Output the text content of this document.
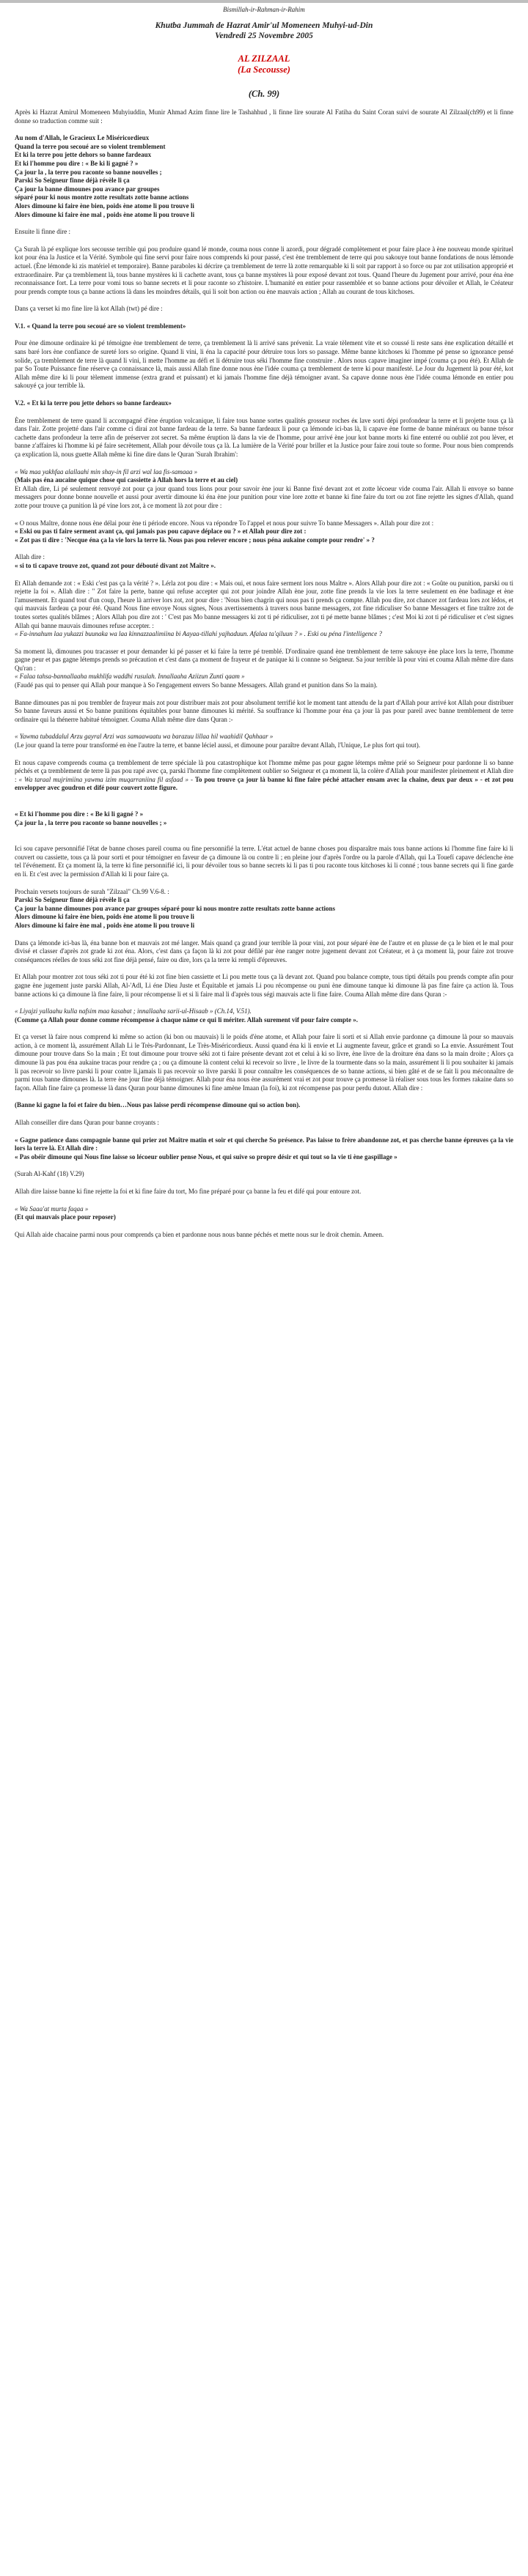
Bismillah-ir-Rahman-ir-Rahim
Khutba Jummah de Hazrat Amir'ul Momeneen Muhyi-ud-Din
Vendredi 25 Novembre 2005
AL ZILZAAL
(La Secousse)
(Ch. 99)

Après ki Hazrat Amirul Momeneen Muhyiuddin, Munir Ahmad Azim finne lire le Tashahhud , li finne lire sourate Al Fatiha du Saint Coran suivi de sourate Al Zilzaal(ch99) et li finne donne so traduction comme suit :

Au nom d'Allah, le Gracieux Le Miséricordieux

Quand la terre pou secoué are so violent tremblement

Et ki la terre pou jette dehors so banne fardeaux

Et ki l'homme pou dire : « Be ki li gagné ? »

Ça jour la , la terre pou raconte so banne nouvelles ;

Parski So Seigneur finne déjà révèle li ça

Ça jour la banne dimounes pou avance par groupes

séparé pour ki nous montre zotte resultats zotte banne actions

Alors dimoune ki faire ène bien, poids ène atome li pou trouve li

Alors dimoune ki faire ène mal , poids ène atome li pou trouve li

Ensuite li finne dire :

Ça Surah là pé explique lors secousse terrible qui pou produire quand lé monde, couma nous conne li azordi, pour dégradé complètement et pour faire place à ène nouveau monde spirituel kot pour éna la Justice et la Vérité. Symbole qui fine servi pour faire nous comprends ki pour passé, c'est ène tremblement de terre qui pou sakouye tout banne fondations de nous lémonde actuel. (Ène lémonde ki zis matériel et temporaire). Banne paraboles ki décrire ça tremblement de terre là zotte remarquable ki li soit par rapport à so force ou par zot utilisation approprié et extraordinaire. Par ça tremblement là, tous banne mystères ki li cachette avant, tous ça banne mystères là pour exposé devant zot tous. Quand l'heure du Jugement pour arrivé, pour éna ène reconnaissance fort. La terre pour vomi tous so banne secrets et li pour raconte so z'histoire. L'humanité en entier pour rassemblée et so banne actions pour dévoiler et Allah, le Créateur pour prends compte tous ça banne actions là dans les moindres détails, qui li soit bon action ou ène mauvais action ; Allah au courant de tous kitchoses.

Dans ça verset ki mo fine lire là kot Allah (twt) pé dire :

V.1. « Quand la terre pou secoué are so violent tremblement»

Pour ène dimoune ordinaire ki pé témoigne ène tremblement de terre, ça tremblement là li arrivé sans prévenir. La vraie tèlement vite et so coussé li reste sans ène explication détaillé et sans baré lors ène confiance de sureté lors so origine. Quand li vini, li éna la capacité pour détruire tous lors so passage. Même banne kitchoses ki l'homme pé pense so ignorance pensé solide, ça tremblement de terre là quand li vini, li mette l'homme au défi et li détruire tous séki l'homme fine construire . Alors nous capave imaginer impé (couma ça pou été). Et Allah de par So Toute Puissance fine réserve ça connaissance là, mais aussi Allah fine donne nous ène l'idée couma ça tremblement de terre ki pour manifesté. Le Jour du Jugement là pour été, kot Allah même dire ki li pour tèlement immense (extra grand et puissant) et ki jamais l'homme fine déjà témoigner avant. Sa capave donne nous ène l'idée couma lémonde en entier pou sakouyé ça jour terrible là.

V.2. « Et ki la terre pou jette dehors so banne fardeaux»

Ène tremblement de terre quand li accompagné d'ène éruption volcanique, li faire tous banne sortes qualités grosseur roches éк lave sorti dépi profondeur la terre et li projette tous ça là dans l'air. Zotte projetté dans l'air comme ci dirai zot banne fardeau de la terre. Sa banne fardeaux li pour ça lémonde ici-bas là, li capave ène forme de banne minéraux ou banne trésor cachette dans profondeur la terre afin de préserver zot secret. Sa même éruption là dans la vie de l'homme, pour arrivé ène jour kot banne morts ki fine enterré ou oublié zot pou lèver, et banne z'affaires ki l'homme ki pé faire secrètement, Allah pour dévoile tous ça là. La lumière de la Vérité pour briller et la Justice pour faire zoui toute so forme. Pour nous bien comprends ça explication là, nous guette Allah même ki fine dire dans le Quran 'Surah Ibrahim':

« Wa maa yakhfaa alallaahi min shay-in fil arzi wal laa fis-samaaa »

(Mais pas éna aucaine quique chose qui cassiette à Allah hors la terre et au ciel)

Et Allah dire, Li pé seulement renvoyé zot pour ça jour quand tous lions pour pour savoir ène jour ki Banne fixé devant zot et zotte lécoeur vide couma l'air. Allah li envoye so banne messagers pour donne bonne nouvelle et aussi pour avertir dimoune ki éna ène jour punition pour vine lore zotte et banne ki fine faire du tort ou zot fine rejette les signes d'Allah, quand zotte pour trouve ça punition là pé vine lors zot, à ce moment là zot pour dire :

« O nous Maître, donne nous ène délai pour ène ti période encore. Nous va répondre To l'appel et nous pour suivre To banne Messagers ». Allah pour dire zot :

« Eski ou pas ti faire serment avant ça, qui jamais pas pou capave déplace ou ? » et Allah pour dire zot :

« Zot pas ti dire : 'Necque éna ça la vie lors la terre là. Nous pas pou relever encore ; nous péna aukaine compte pour rendre' » ?

Allah dire :

« si to ti capave trouve zot, quand zot pour débouté divant zot Maître ».

Et Allah demande zot : « Eski c'est pas ça la vérité ? ». Lérla zot pou dire : « Mais oui, et nous faire serment lors nous Maître ». Alors Allah pour dire zot : « Goûte ou punition, parski ou ti rejette la foi ». Allah dire : " Zot faire la perte, banne qui refuse accepter qui zot pour joindre Allah ène jour, zotte fine prends la vie lors la terre seulement en ène badinage et ène l'amusement. Et quand tout d'un coup, l'heure là arriver lors zot, zot pour dire : 'Nous bien chagrin qui nous pas ti prends ça compte. Allah pou dire, zot chancer zot fardeau lors zot lédos, et qui mauvais fardeau ça pour été. Quand Nous fine envoye Nous signes, Nous avertissements à travers nous banne messagers, zot fine ridiculiser So banne Messagers et fine traître zot de toutes sortes qualités blâmes ; Alors Allah pou dire zot : ' C'est pas Mo banne messagers ki zot ti pé ridiculiser, zot ti pé mette banne blâmes ; c'est Moi ki zot ti pé ridiculiser et c'est signes Allah qui banne mauvais dimounes refuse accepter. :

« Fa-innahum laa yukazzi buunaka wa laa kinnazzaalimiina bi Aayaa-tillahi yajhaduun. Afalaa ta'qiluun ? » . Eski ou péna l'intelligence ?

Sa moment là, dimounes pou tracasser et pour demander ki pé passer et ki faire la terre pé tremblé. D'ordinaire quand ène tremblement de terre sakouye ène place lors la terre, l'homme gagne peur et pas gagne létemps prends so précaution et c'est dans ça moment de frayeur et de panique ki li connne so Seigneur. Sa jour terrible là pour vini et couma Allah même dire dans Qu'ran :

« Falaa tahsa-bannallaaha mukhlifa waddhi rusulah. Innallaaha Aziizun Zunti qaam »

(Faudé pas qui to penser qui Allah pour manque à So l'engagement envers So banne Messagers. Allah grand et punition dans So la main).

Banne dimounes pas ni pou trembler de frayeur mais zot pour distribuer mais zot pour absolument terrifié kot le moment tant attendu de la part d'Allah pour arrivé kot Allah pour distribuer So banne faveurs aussi et So banne punitions équitables pour banne dimounes ki mérité. Sa souffrance ki l'homme pour éna ça jour là pas pour pareil avec banne tremblement de terre ordinaire qui la thénerre habitué témoigner. Couma Allah même dire dans Quran :-

« Yawma tubaddalul Arzu gayral Arzi was samaawaatu wa barazuu lillaa hil waahidil Qahhaar »

(Le jour quand la terre pour transformé en ène l'autre la terre, et banne léciel aussi, et dimoune pour paraître devant Allah, l'Unique, Le plus fort qui tout).

Et nous capave comprends couma ça tremblement de terre spéciale là pou catastrophique kot l'homme même pas pour gagne létemps même prié so Seigneur pour pardonne li so banne péchés et ça tremblement de terre là pas pou rapé avec ça, parski l'homme fine complètement oublier so Seigneur et ça moment là, la colère d'Allah pour manifester pleinement et Allah dire : « Wa taraal mujrimiina yawma izim muqarraniina fil asfaad » - To pou trouve ça jour là banne ki fine faire péché attacher ensam avec la chaine, deux par deux » - et zot pou envelopper avec goudron et difé pour couvert zotte figure.

« Et ki l'homme pou dire : « Be ki li gagné ? »

Ça jour la , la terre pou raconte so banne nouvelles ; »

Ici sou capave personnifié l'état de banne choses pareil couma ou fine personnifié la terre. L'état actuel de banne choses pou disparaître mais tous banne actions ki l'homme fine faire ki li couvert ou cassiette, tous ça là pour sorti et pour témoigner en faveur de ça dimoune là ou contre li ; en pleine jour d'après l'ordre ou la parole d'Allah, qui La Touefí capave déclenche ène tel l'événement. Et ça moment là, la terre ki fine personnifié ici, li pour dévoiler tous so banne secrets ki li pas ti pou raconte tous kitchoses ki li conné ; tous banne secrets qui li fine garde en li. Et c'est avec la permission d'Allah ki li pour faire ça.

Prochain versets toujours de surah "Zilzaal" Ch.99 V.6-8. :

Parski So Seigneur finne déjà révèle li ça

Ça jour la banne dimounes pou avance par groupes séparé pour ki nous montre zotte resultats zotte banne actions

Alors dimoune ki faire ène bien, poids ène atome li pou trouve li

Alors dimoune ki faire ène mal , poids ène atome li pou trouve li

Dans ça lémonde ici-bas là, éna banne bon et mauvais zot mé langer. Mais quand ça grand jour terrible là pour vini, zot pour séparé ène de l'autre et en plusse de ça le bien et le mal pour divisé et classer d'après zot grade ki zot éna. Alors, c'est dans ça façon là ki zot pour défilé par ène ranger notre jugement devant zot Créateur, et à ça moment là, pour faire zot trouve conséquences réelles de tous séki zot fine déjà pensé, faire ou dire, lors ça la terre ki rempli d'épreuves.

Et Allah pour montrer zot tous séki zot ti pour été ki zot fine bien cassiette et Li pou mette tous ça là devant zot. Quand pou balance compte, tous tipti détails pou prends compte afin pour gagne ène jugement juste parski Allah, Al-'Adl, Li éne Dieu Juste et Équitable et jamais Li pou récompense ou puni ène dimoune tanque ki dimoune là pas fine faire ça action là. Tous banne actions ki ça dimoune là fine faire, li pour récompense li et si li faire mal li d'après tous ségi mauvais acte li fine faire. Couma Allah même dire dans Quran :-

« Liyajzi yallaahu kulla nafsim maa kasabat ; innallaaha sarii-ul-Hisaab » (Ch.14, V.51).

(Comme ça Allah pour donne comme récompense à chaque nâme ce qui li mériter. Allah surement vif pour faire compte ».

Et ça verset là faire nous comprend ki même so action (ki bon ou mauvais) li le poids d'ène atome, et Allah pour faire li sorti et si Allah envie pardonne ça dimoune là pour so mauvais action, à ce moment là, assurément Allah Li le Très-Pardonnant, Le Très-Miséricordieux. Aussi quand éna ki li envie et Li augmente faveur, grâce et grandi so La envie. Assurément Tout dimoune pour trouve dans So la main ; Et tout dimoune pour trouve séki zot ti faire présente devant zot et celui à ki so livre, ène livre de la droiture éna dans so la main droite ; Alors ça dimoune là pas pou éna aukaine tracas pour rendre ça ; ou ça dimoune là content celui ki recevoir so livre , le livre de la tourmente dans so la main, assurément li li pou souhaiter ki jamais li pas recevoir so livre parski li pour contre li,jamais li pas recevoir so livre parski li pour connaître les conséquences de so banne actions, si bien gâté et de se fait li pou méconnaître de parmi tous banne dimounes là. la terre ène jour fine déjà témoigner. Allah pour éna nous ène assurément vrai et zot pour trouve ça promesse là réaliser sous tous les formes rakaine dans so façon. Allah fine faire ça promesse là dans Quran pour banne dimounes ki fine amène Imaan (la foi), ki zot récompense pas pour perdu dutout. Allah dire :

(Banne ki gagne la foi et faire du bien…Nous pas laisse perdi récompense dimoune qui so action bon).

Allah conseiller dire dans Quran pour banne croyants :

« Gagne patience dans compagnie banne qui prier zot Maître matin et soir et qui cherche So présence. Pas laisse to frère abandonne zot, et pas cherche banne épreuves ça la vie lors la terre là. Et Allah dire :

« Pas obéir dimoune qui Nous fine laisse so lécoeur oublier pense Nous, et qui suive so propre désir et qui tout so la vie ti ène gaspillage »

(Surah Al-Kahf (18) V.29)

Allah dire laisse banne ki fine rejette la foi et ki fine faire du tort, Mo fine préparé pour ça banne la feu et difé qui pour entoure zot.

« Wa Saaa'at murta faqaa »

(Et qui mauvais place pour reposer)

Qui Allah aide chacaine parmi nous pour comprends ça bien et pardonne nous nous banne péchés et mette nous sur le droit chemin. Ameen.
